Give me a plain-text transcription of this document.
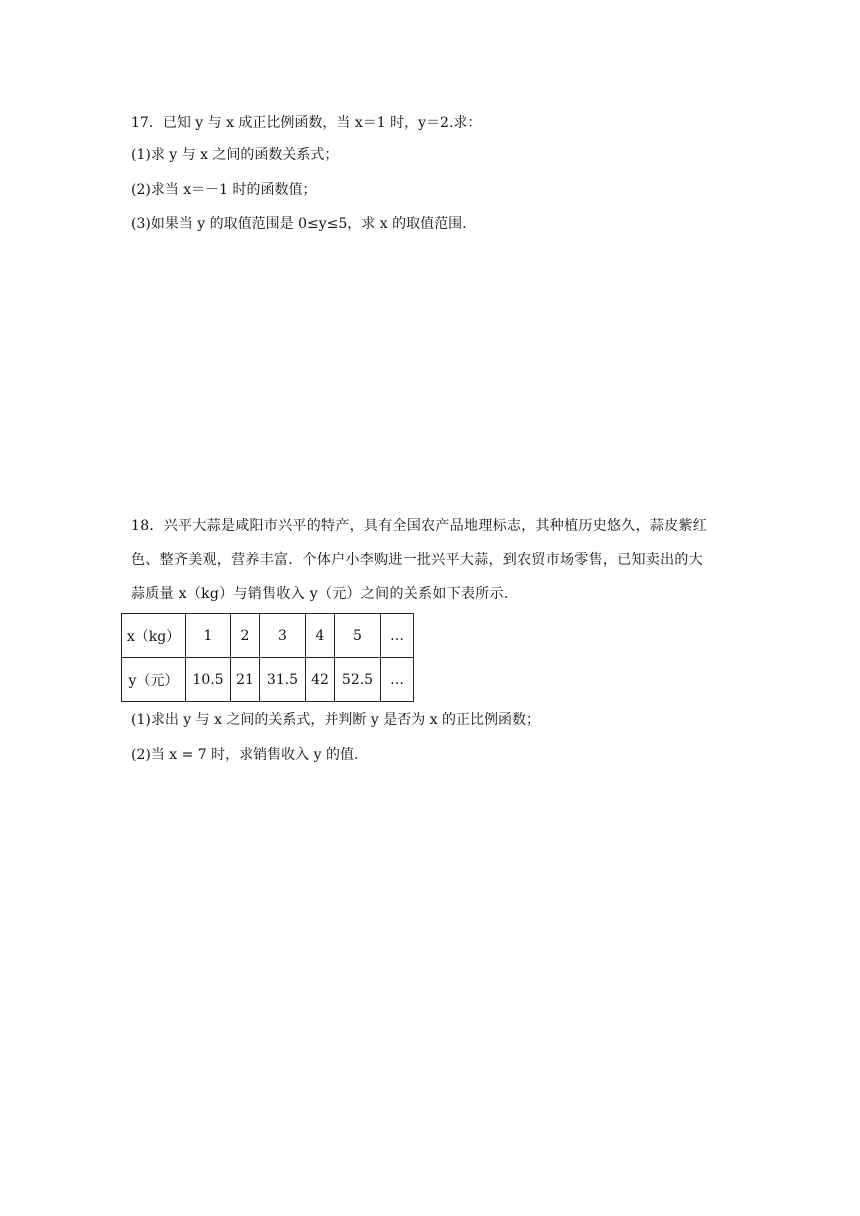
17．已知 y 与 x 成正比例函数，当 x＝1 时，y＝2.求：
(1)求 y 与 x 之间的函数关系式；
(2)求当 x＝－1 时的函数值；
(3)如果当 y 的取值范围是 0≤y≤5，求 x 的取值范围.
18．兴平大蒜是咸阳市兴平的特产，具有全国农产品地理标志，其种植历史悠久，蒜皮紫红
色、整齐美观，营养丰富．个体户小李购进一批兴平大蒜，到农贸市场零售，已知卖出的大
蒜质量 x（kg）与销售收入 y（元）之间的关系如下表所示.
x（kg）	1	2	3	4	5	…
y（元）	10.5	21	31.5	42	52.5	…
(1)求出 y 与 x 之间的关系式，并判断 y 是否为 x 的正比例函数；
(2)当 x = 7 时，求销售收入 y 的值.
